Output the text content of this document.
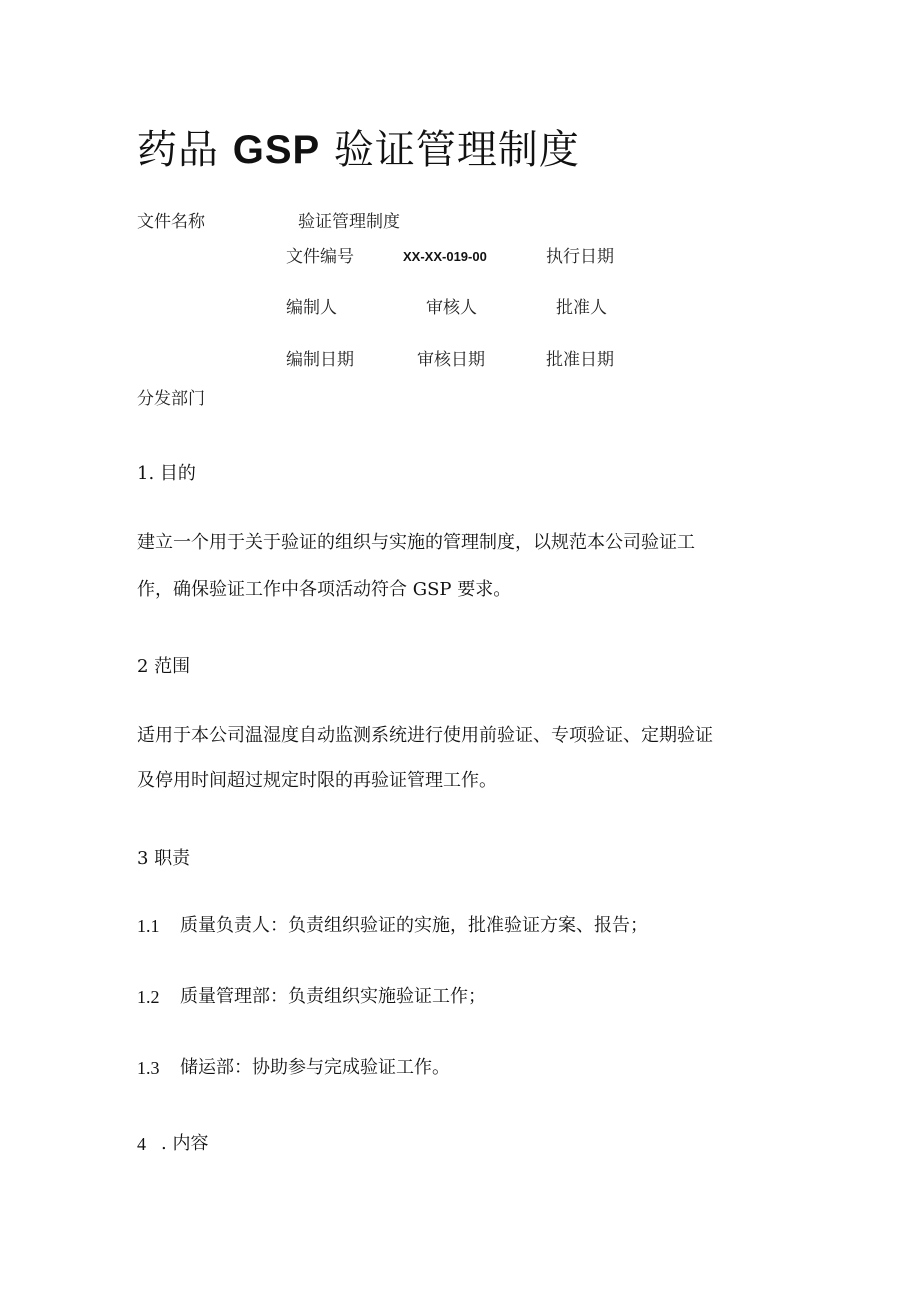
药品 GSP 验证管理制度
文件名称	验证管理制度
文件编号	XX-XX-019-00	执行日期
编制人	审核人	批准人
编制日期	审核日期	批准日期
分发部门
1. 目的
建立一个用于关于验证的组织与实施的管理制度，以规范本公司验证工
作，确保验证工作中各项活动符合 GSP 要求。
2 范围
适用于本公司温湿度自动监测系统进行使用前验证、专项验证、定期验证
及停用时间超过规定时限的再验证管理工作。
3 职责
1.1 质量负责人：负责组织验证的实施，批准验证方案、报告；
1.2 质量管理部：负责组织实施验证工作；
1.3 储运部：协助参与完成验证工作。
4 . 内容
